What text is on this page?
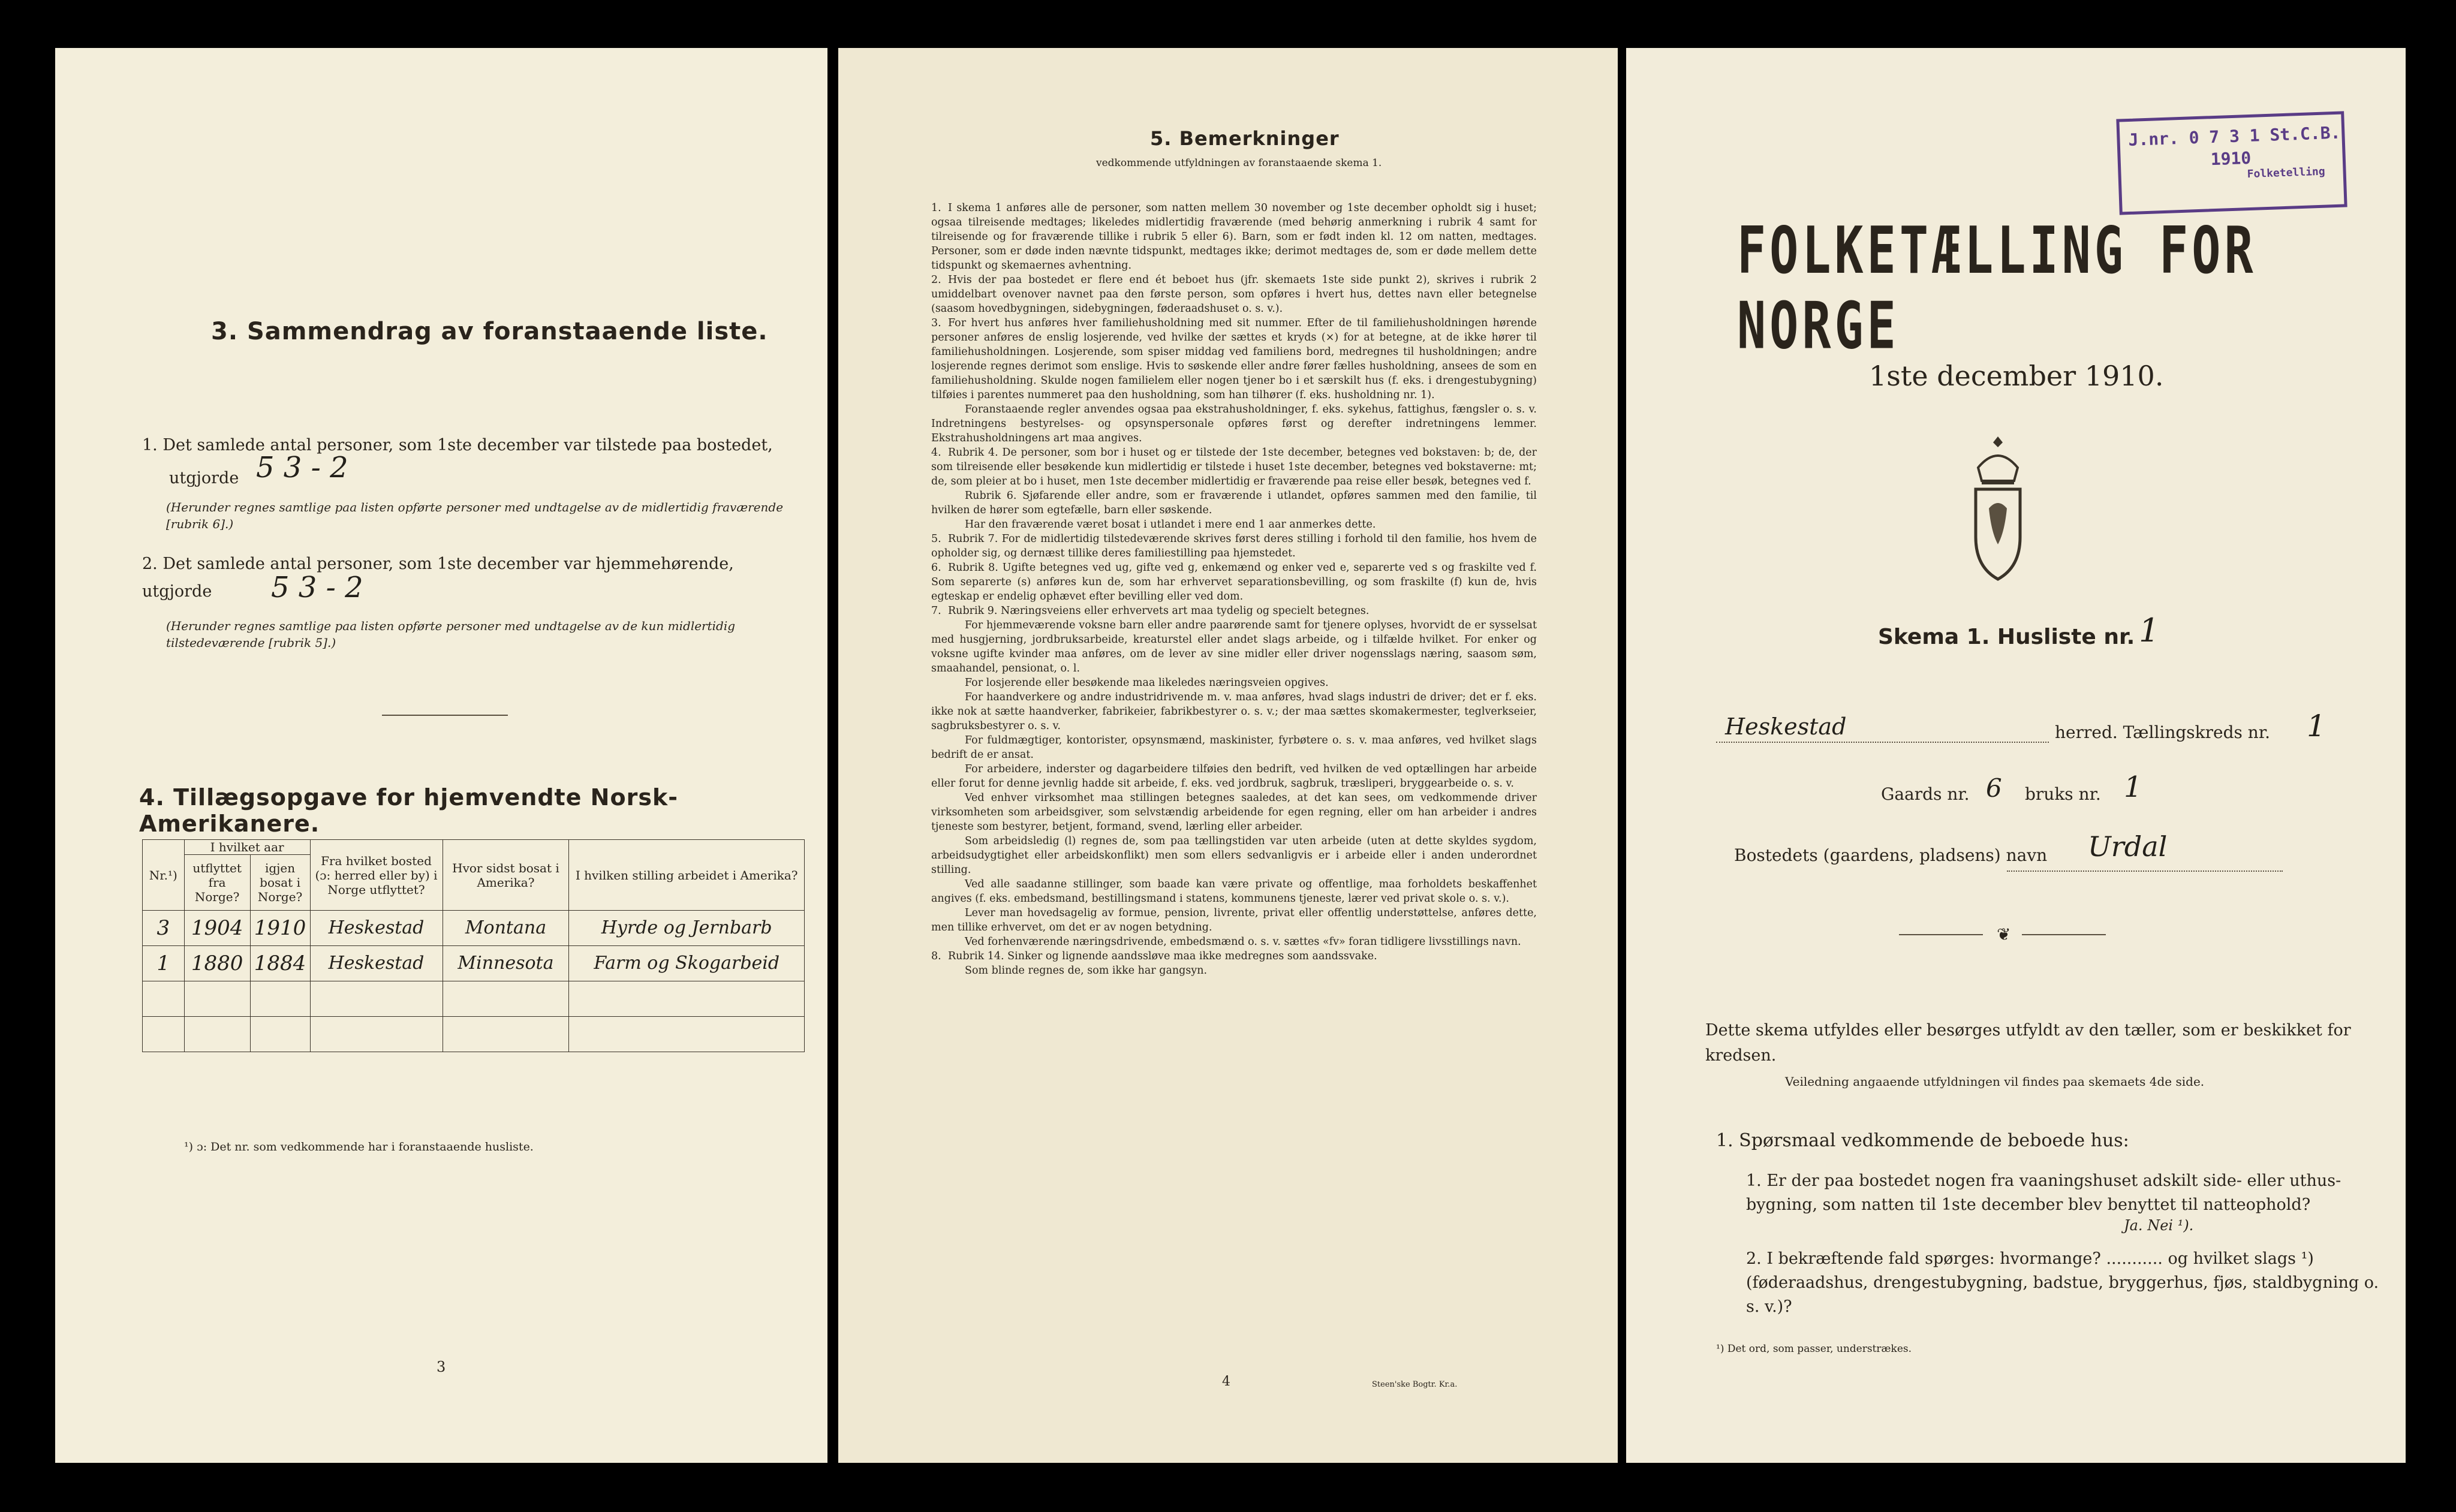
3. Sammendrag av foranstaaende liste.
1. Det samlede antal personer, som 1ste december var tilstede paa bostedet,
utgjorde 5 3 - 2
(Herunder regnes samtlige paa listen opførte personer med undtagelse av de midlertidig fraværende [rubrik 6].)
2. Det samlede antal personer, som 1ste december var hjemmehørende, utgjorde	5 3 - 2
(Herunder regnes samtlige paa listen opførte personer med undtagelse av de kun midlertidig tilstedeværende [rubrik 5].)
4. Tillægsopgave for hjemvendte Norsk-Amerikanere.
Nr.¹)	I hvilket aar		Fra hvilket bosted (ɔ: herred eller by) i Norge utflyttet?	Hvor sidst bosat i Amerika?	I hvilken stilling arbeidet i Amerika?
	utflyttet fra Norge?	igjen bosat i Norge?			
3	1904	1910	Heskestad	Montana	Hyrde og Jernbarb
1	1880	1884	Heskestad	Minnesota	Farm og Skogarbeid

¹) ɔ: Det nr. som vedkommende har i foranstaaende husliste.
3
5. Bemerkninger
vedkommende utfyldningen av foranstaaende skema 1.

1. I skema 1 anføres alle de personer, som natten mellem 30 november og 1ste december opholdt sig i huset; ogsaa tilreisende medtages; likeledes midlertidig fraværende (med behørig anmerkning i rubrik 4 samt for tilreisende og for fraværende tillike i rubrik 5 eller 6). Barn, som er født inden kl. 12 om natten, medtages. Personer, som er døde inden nævnte tidspunkt, medtages ikke; derimot medtages de, som er døde mellem dette tidspunkt og skemaernes avhentning.

2. Hvis der paa bostedet er flere end ét beboet hus (jfr. skemaets 1ste side punkt 2), skrives i rubrik 2 umiddelbart ovenover navnet paa den første person, som opføres i hvert hus, dettes navn eller betegnelse (saasom hovedbygningen, sidebygningen, føderaadshuset o. s. v.).

3. For hvert hus anføres hver familiehusholdning med sit nummer. Efter de til familiehusholdningen hørende personer anføres de enslig losjerende, ved hvilke der sættes et kryds (×) for at betegne, at de ikke hører til familiehusholdningen. Losjerende, som spiser middag ved familiens bord, medregnes til husholdningen; andre losjerende regnes derimot som enslige. Hvis to søskende eller andre fører fælles husholdning, ansees de som en familiehusholdning. Skulde nogen familielem eller nogen tjener bo i et særskilt hus (f. eks. i drengestubygning) tilføies i parentes nummeret paa den husholdning, som han tilhører (f. eks. husholdning nr. 1).

Foranstaaende regler anvendes ogsaa paa ekstrahusholdninger, f. eks. sykehus, fattighus, fængsler o. s. v. Indretningens bestyrelses- og opsynspersonale opføres først og derefter indretningens lemmer. Ekstrahusholdningens art maa angives.

4. Rubrik 4. De personer, som bor i huset og er tilstede der 1ste december, betegnes ved bokstaven: b; de, der som tilreisende eller besøkende kun midlertidig er tilstede i huset 1ste december, betegnes ved bokstaverne: mt; de, som pleier at bo i huset, men 1ste december midlertidig er fraværende paa reise eller besøk, betegnes ved f.

Rubrik 6. Sjøfarende eller andre, som er fraværende i utlandet, opføres sammen med den familie, til hvilken de hører som egtefælle, barn eller søskende.

Har den fraværende været bosat i utlandet i mere end 1 aar anmerkes dette.

5. Rubrik 7. For de midlertidig tilstedeværende skrives først deres stilling i forhold til den familie, hos hvem de opholder sig, og dernæst tillike deres familiestilling paa hjemstedet.

6. Rubrik 8. Ugifte betegnes ved ug, gifte ved g, enkemænd og enker ved e, separerte ved s og fraskilte ved f. Som separerte (s) anføres kun de, som har erhvervet separationsbevilling, og som fraskilte (f) kun de, hvis egteskap er endelig ophævet efter bevilling eller ved dom.

7. Rubrik 9. Næringsveiens eller erhvervets art maa tydelig og specielt betegnes.

For hjemmeværende voksne barn eller andre paarørende samt for tjenere oplyses, hvorvidt de er sysselsat med husgjerning, jordbruksarbeide, kreaturstel eller andet slags arbeide, og i tilfælde hvilket. For enker og voksne ugifte kvinder maa anføres, om de lever av sine midler eller driver nogensslags næring, saasom søm, smaahandel, pensionat, o. l.

For losjerende eller besøkende maa likeledes næringsveien opgives.

For haandverkere og andre industridrivende m. v. maa anføres, hvad slags industri de driver; det er f. eks. ikke nok at sætte haandverker, fabrikeier, fabrikbestyrer o. s. v.; der maa sættes skomakermester, teglverkseier, sagbruksbestyrer o. s. v.

For fuldmægtiger, kontorister, opsynsmænd, maskinister, fyrbøtere o. s. v. maa anføres, ved hvilket slags bedrift de er ansat.

For arbeidere, inderster og dagarbeidere tilføies den bedrift, ved hvilken de ved optællingen har arbeide eller forut for denne jevnlig hadde sit arbeide, f. eks. ved jordbruk, sagbruk, træsliperi, bryggearbeide o. s. v.

Ved enhver virksomhet maa stillingen betegnes saaledes, at det kan sees, om vedkommende driver virksomheten som arbeidsgiver, som selvstændig arbeidende for egen regning, eller om han arbeider i andres tjeneste som bestyrer, betjent, formand, svend, lærling eller arbeider.

Som arbeidsledig (l) regnes de, som paa tællingstiden var uten arbeide (uten at dette skyldes sygdom, arbeidsudygtighet eller arbeidskonflikt) men som ellers sedvanligvis er i arbeide eller i anden underordnet stilling.

Ved alle saadanne stillinger, som baade kan være private og offentlige, maa forholdets beskaffenhet angives (f. eks. embedsmand, bestillingsmand i statens, kommunens tjeneste, lærer ved privat skole o. s. v.).

Lever man hovedsagelig av formue, pension, livrente, privat eller offentlig understøttelse, anføres dette, men tillike erhvervet, om det er av nogen betydning.

Ved forhenværende næringsdrivende, embedsmænd o. s. v. sættes «fv» foran tidligere livsstillings navn.

8. Rubrik 14. Sinker og lignende aandssløve maa ikke medregnes som aandssvake.

Som blinde regnes de, som ikke har gangsyn.

4	Steen'ske Bogtr. Kr.a.
J.nr. 0 7 3 1 St.C.B.
1910
Folketelling
FOLKETÆLLING FOR NORGE
1ste december 1910.
Skema 1. Husliste nr. 1
Heskestad	herred. Tællingskreds nr. 1
Gaards nr. 6 bruks nr. 1
Bostedets (gaardens, pladsens) navn Urdal
❦
Dette skema utfyldes eller besørges utfyldt av den tæller, som er beskikket for kredsen.
Veiledning angaaende utfyldningen vil findes paa skemaets 4de side.
1. Spørsmaal vedkommende de beboede hus:
1. Er der paa bostedet nogen fra vaaningshuset adskilt side- eller uthus-bygning, som natten til 1ste december blev benyttet til natteophold?
Ja. Nei ¹).
2. I bekræftende fald spørges: hvormange? ........... og hvilket slags ¹) (føderaadshus, drengestubygning, badstue, bryggerhus, fjøs, staldbygning o. s. v.)?
¹) Det ord, som passer, understrækes.
